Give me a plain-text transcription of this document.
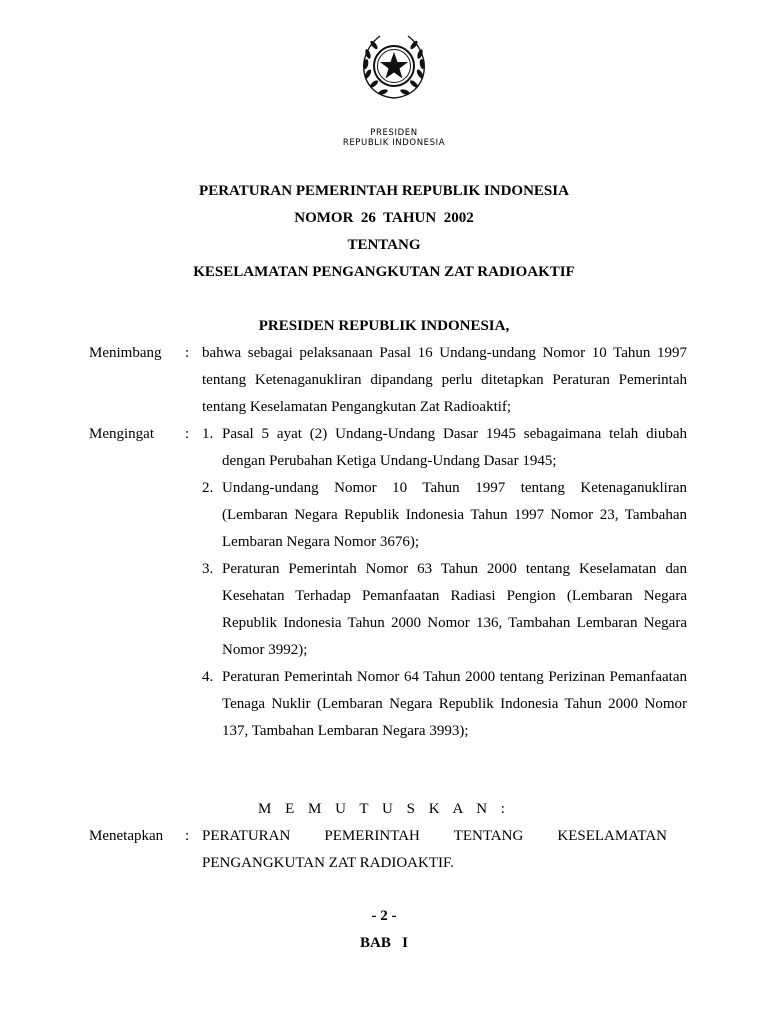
PRESIDEN
REPUBLIK INDONESIA
PERATURAN PEMERINTAH REPUBLIK INDONESIA
NOMOR  26  TAHUN  2002
TENTANG
KESELAMATAN PENGANGKUTAN ZAT RADIOAKTIF
PRESIDEN REPUBLIK INDONESIA,
Menimbang : bahwa sebagai pelaksanaan Pasal 16 Undang-undang Nomor 10 Tahun 1997
tentang Ketenaganukliran dipandang perlu ditetapkan Peraturan Pemerintah
tentang Keselamatan Pengangkutan Zat Radioaktif;
Mengingat : 1. Pasal 5 ayat (2) Undang-Undang Dasar 1945 sebagaimana telah diubah
dengan Perubahan Ketiga Undang-Undang Dasar 1945;
2. Undang-undang Nomor 10 Tahun 1997 tentang Ketenaganukliran
(Lembaran Negara Republik Indonesia Tahun 1997 Nomor 23, Tambahan
Lembaran Negara Nomor 3676);
3. Peraturan Pemerintah Nomor 63 Tahun 2000 tentang Keselamatan dan
Kesehatan Terhadap Pemanfaatan Radiasi Pengion (Lembaran Negara
Republik Indonesia Tahun 2000 Nomor 136, Tambahan Lembaran Negara
Nomor 3992);
4. Peraturan Pemerintah Nomor 64 Tahun 2000 tentang Perizinan Pemanfaatan
Tenaga Nuklir (Lembaran Negara Republik Indonesia Tahun 2000 Nomor
137, Tambahan Lembaran Negara 3993);
M E M U T U S K A N :
Menetapkan : PERATURAN PEMERINTAH TENTANG KESELAMATAN
PENGANGKUTAN ZAT RADIOAKTIF.
- 2 -
BAB   I
